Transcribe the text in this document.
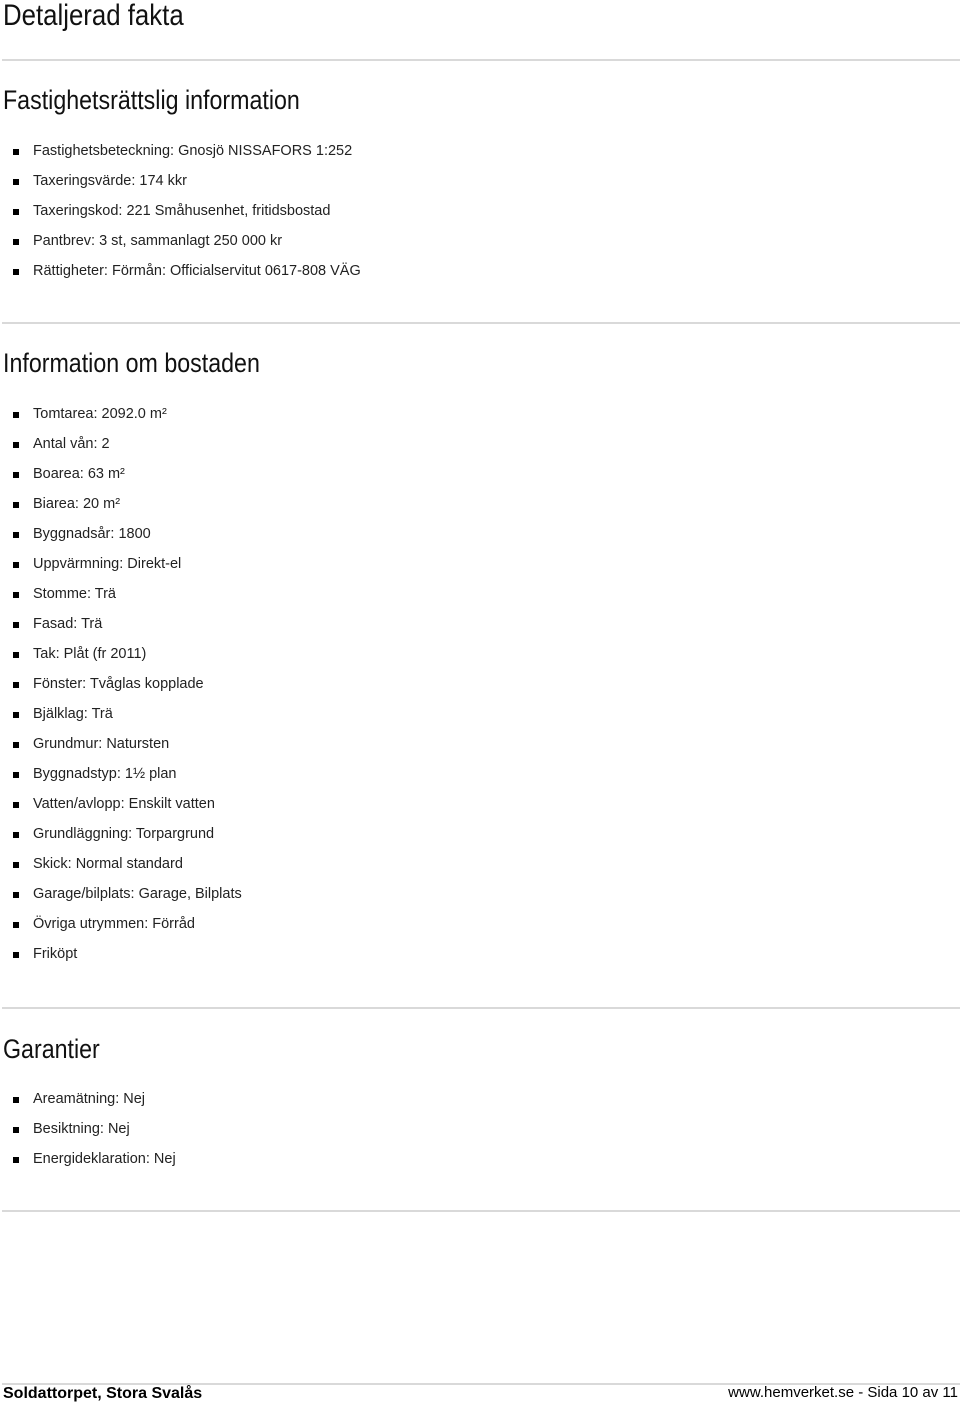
Detaljerad fakta
Fastighetsrättslig information
Fastighetsbeteckning: Gnosjö NISSAFORS 1:252
Taxeringsvärde: 174 kkr
Taxeringskod: 221 Småhusenhet, fritidsbostad
Pantbrev: 3 st, sammanlagt 250 000 kr
Rättigheter: Förmån: Officialservitut 0617-808 VÄG
Information om bostaden
Tomtarea: 2092.0 m²
Antal vån: 2
Boarea: 63 m²
Biarea: 20 m²
Byggnadsår: 1800
Uppvärmning: Direkt-el
Stomme: Trä
Fasad: Trä
Tak: Plåt (fr 2011)
Fönster: Tvåglas kopplade
Bjälklag: Trä
Grundmur: Natursten
Byggnadstyp: 1½ plan
Vatten/avlopp: Enskilt vatten
Grundläggning: Torpargrund
Skick: Normal standard
Garage/bilplats: Garage, Bilplats
Övriga utrymmen: Förråd
Friköpt
Garantier
Areamätning: Nej
Besiktning: Nej
Energideklaration: Nej
Soldattorpet, Stora Svalås	www.hemverket.se - Sida 10 av 11
